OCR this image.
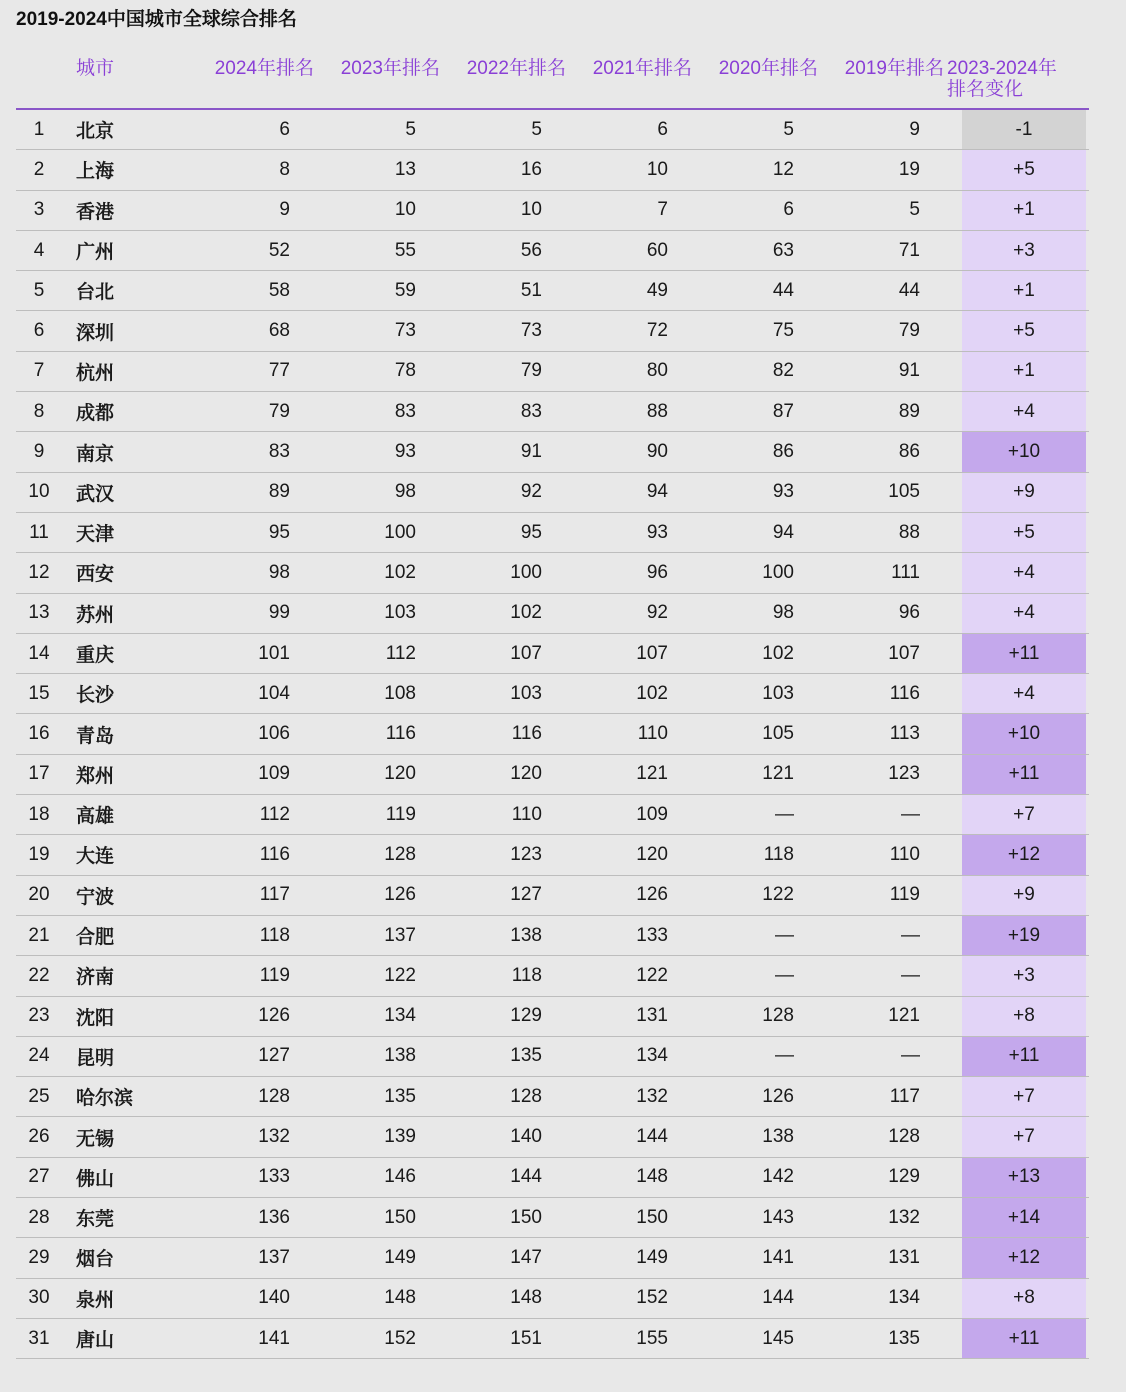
2019-2024中国城市全球综合排名
	城市	2024年排名	2023年排名	2022年排名	2021年排名	2020年排名	2019年排名	2023-2024年
排名变化

1	北京	6	5	5	6	5	9	-1

2	上海	8	13	16	10	12	19	+5

3	香港	9	10	10	7	6	5	+1

4	广州	52	55	56	60	63	71	+3

5	台北	58	59	51	49	44	44	+1

6	深圳	68	73	73	72	75	79	+5

7	杭州	77	78	79	80	82	91	+1

8	成都	79	83	83	88	87	89	+4

9	南京	83	93	91	90	86	86	+10

10	武汉	89	98	92	94	93	105	+9

11	天津	95	100	95	93	94	88	+5

12	西安	98	102	100	96	100	111	+4

13	苏州	99	103	102	92	98	96	+4

14	重庆	101	112	107	107	102	107	+11

15	长沙	104	108	103	102	103	116	+4

16	青岛	106	116	116	110	105	113	+10

17	郑州	109	120	120	121	121	123	+11

18	高雄	112	119	110	109	—	—	+7

19	大连	116	128	123	120	118	110	+12

20	宁波	117	126	127	126	122	119	+9

21	合肥	118	137	138	133	—	—	+19

22	济南	119	122	118	122	—	—	+3

23	沈阳	126	134	129	131	128	121	+8

24	昆明	127	138	135	134	—	—	+11

25	哈尔滨	128	135	128	132	126	117	+7

26	无锡	132	139	140	144	138	128	+7

27	佛山	133	146	144	148	142	129	+13

28	东莞	136	150	150	150	143	132	+14

29	烟台	137	149	147	149	141	131	+12

30	泉州	140	148	148	152	144	134	+8

31	唐山	141	152	151	155	145	135	+11
